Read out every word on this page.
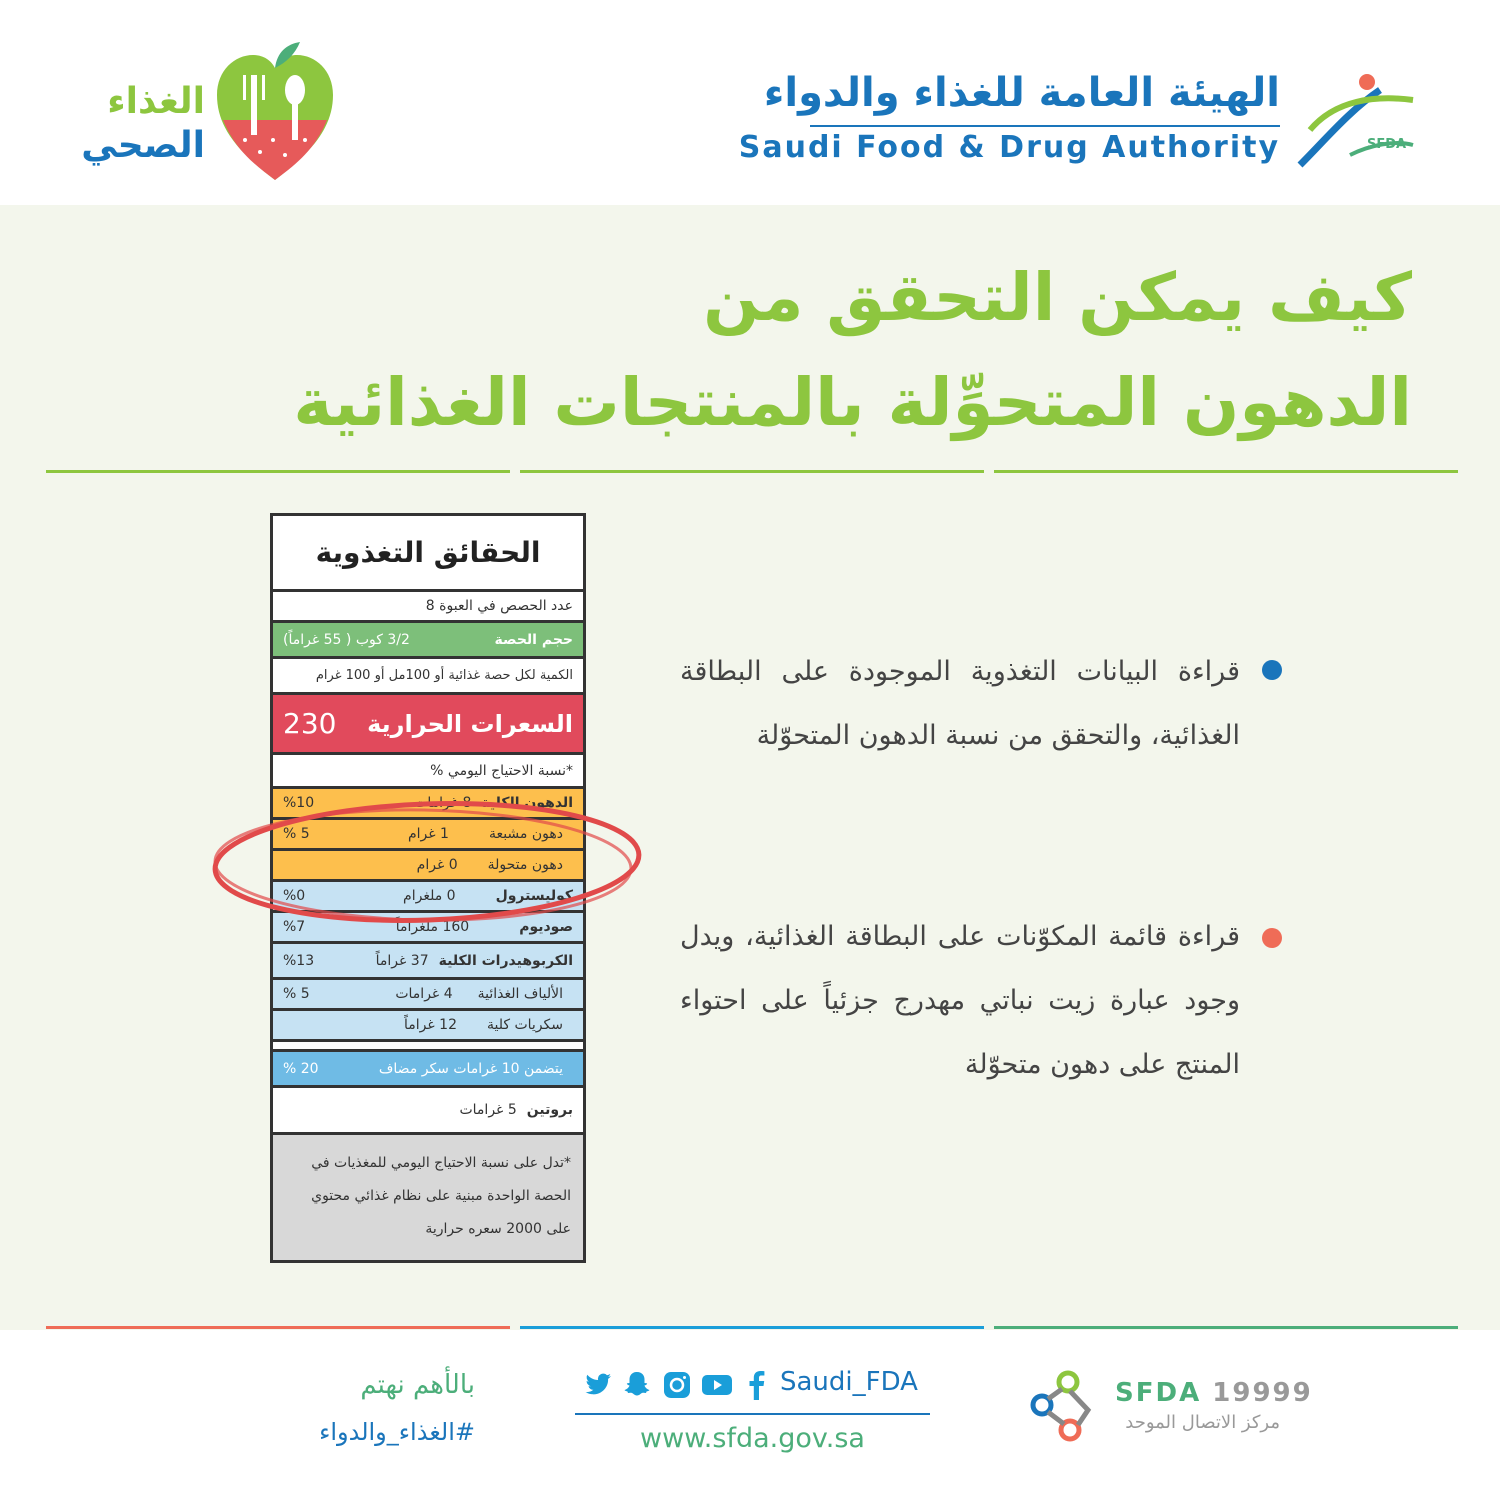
الغذاء
الصحي
الهيئة العامة للغذاء والدواء
Saudi Food & Drug Authority	SFDA
كيف يمكن التحقق من
الدهون المتحوِّلة بالمنتجات الغذائية
الحقائق التغذوية
عدد الحصص في العبوة 8
حجم الحصة
3/2 كوب ( 55 غراماً)
الكمية لكل حصة غذائية أو 100مل أو 100 غرام
السعرات الحرارية
230
*نسبة الاحتياج اليومي %
الدهون الكلية8 غرامات
%10
دهون مشبعة1 غرام
% 5
دهون متحولة0 غرام
كوليسترول0 ملغرام
%0
صوديوم160 ملغراماً
%7
الكربوهيدرات الكلية37 غراماً
%13
الألياف الغذائية4 غرامات
% 5
سكريات كلية12 غراماً
يتضمن 10 غرامات سكر مضاف
% 20
بروتين5 غرامات
*تدل على نسبة الاحتياج اليومي للمغذيات في الحصة الواحدة مبنية على نظام غذائي محتوي على 2000 سعره حرارية
قراءة البيانات التغذوية الموجودة على البطاقة الغذائية، والتحقق من نسبة الدهون المتحوّلة
قراءة قائمة المكوّنات على البطاقة الغذائية، ويدل وجود عبارة زيت نباتي مهدرج جزئياً على احتواء المنتج على دهون متحوّلة
بالأهم نهتم
#الغذاء_والدواء
Saudi_FDA
www.sfda.gov.sa
SFDA 19999
مركز الاتصال الموحد
